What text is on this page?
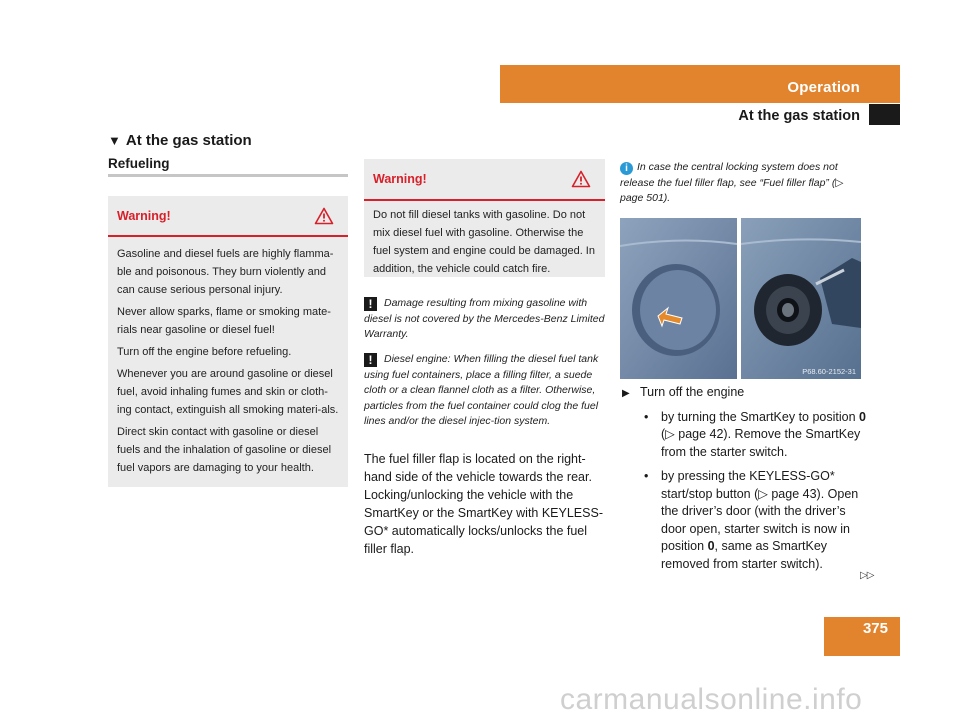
Operation
At the gas station
▼ At the gas station
Refueling
Warning!

Gasoline and diesel fuels are highly flamma-ble and poisonous. They burn violently and can cause serious personal injury.

Never allow sparks, flame or smoking mate-rials near gasoline or diesel fuel!

Turn off the engine before refueling.

Whenever you are around gasoline or diesel fuel, avoid inhaling fumes and skin or cloth-ing contact, extinguish all smoking materi-als.

Direct skin contact with gasoline or diesel fuels and the inhalation of gasoline or diesel fuel vapors are damaging to your health.

Warning!

Do not fill diesel tanks with gasoline. Do not mix diesel fuel with gasoline. Otherwise the fuel system and engine could be damaged. In addition, the vehicle could catch fire.

! Damage resulting from mixing gasoline with diesel is not covered by the Mercedes-Benz Limited Warranty.
! Diesel engine: When filling the diesel fuel tank using fuel containers, place a filling filter, a suede cloth or a clean flannel cloth as a filter. Otherwise, particles from the fuel container could clog the fuel lines and/or the diesel injec-tion system.
The fuel filler flap is located on the right-hand side of the vehicle towards the rear. Locking/unlocking the vehicle with the SmartKey or the SmartKey with KEYLESS-GO* automatically locks/unlocks the fuel filler flap.
i In case the central locking system does not release the fuel filler flap, see “Fuel filler flap” (▷ page 501).
P68.60-2152-31
▶ Turn off the engine
• by turning the SmartKey to position 0 (▷ page 42). Remove the SmartKey from the starter switch.
• by pressing the KEYLESS-GO* start/stop button (▷ page 43). Open the driver’s door (with the driver’s door open, starter switch is now in position 0, same as SmartKey removed from starter switch).
▷▷
375
carmanualsonline.info
